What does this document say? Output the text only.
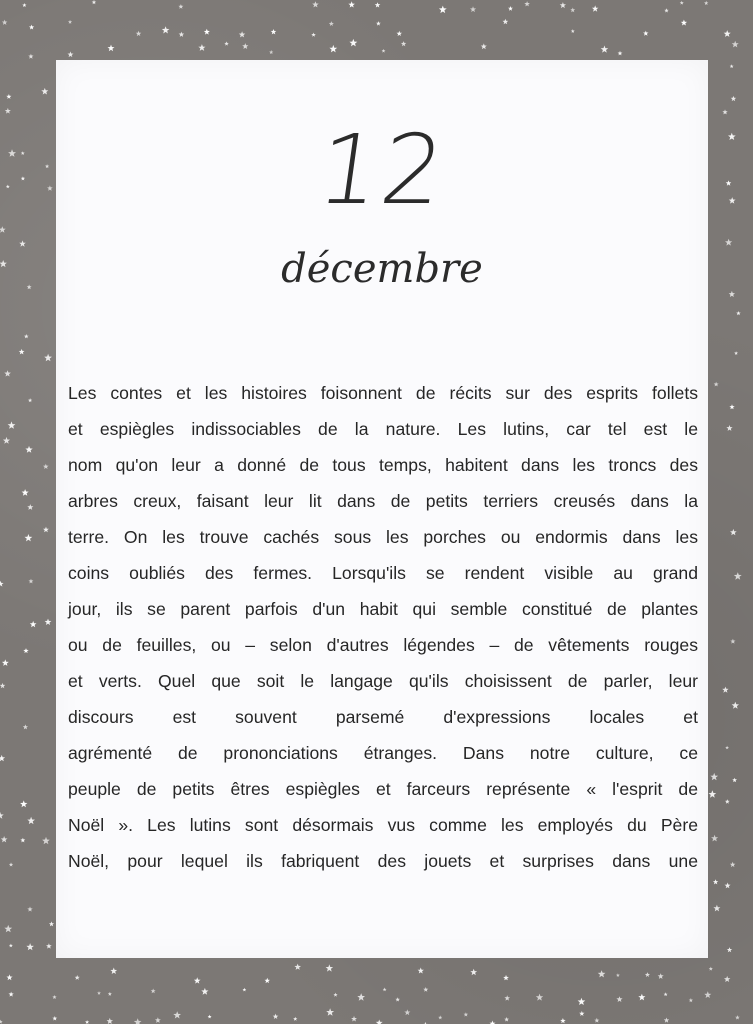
12
décembre
Les contes et les histoires foisonnent de récits sur des esprits follets
et espiègles indissociables de la nature. Les lutins, car tel est le
nom qu'on leur a donné de tous temps, habitent dans les troncs des
arbres creux, faisant leur lit dans de petits terriers creusés dans la
terre. On les trouve cachés sous les porches ou endormis dans les
coins oubliés des fermes. Lorsqu'ils se rendent visible au grand
jour, ils se parent parfois d'un habit qui semble constitué de plantes
ou de feuilles, ou – selon d'autres légendes – de vêtements rouges
et verts. Quel que soit le langage qu'ils choisissent de parler, leur
discours est souvent parsemé d'expressions locales et
agrémenté de prononciations étranges. Dans notre culture, ce
peuple de petits êtres espiègles et farceurs représente « l'esprit de
Noël ». Les lutins sont désormais vus comme les employés du Père
Noël, pour lequel ils fabriquent des jouets et surprises dans une
